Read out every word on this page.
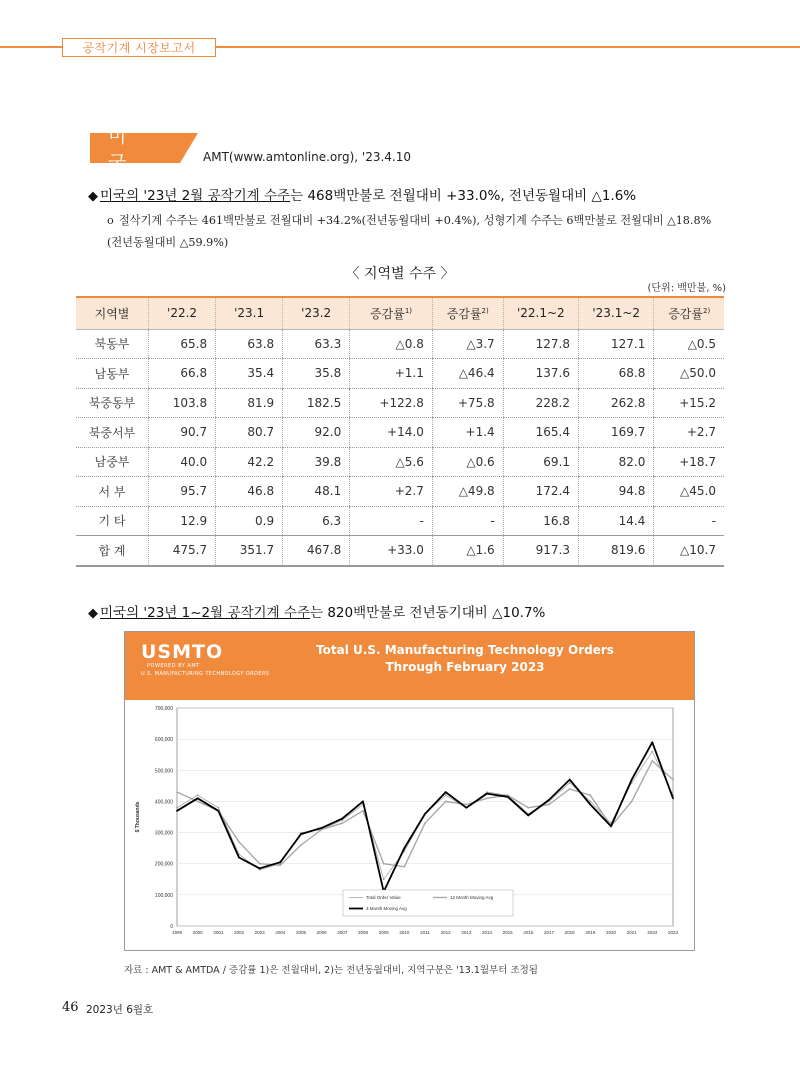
공작기계 시장보고서
미 국	AMT(www.amtonline.org), '23.4.10
◆ 미국의 '23년 2월 공작기계 수주는 468백만불로 전월대비 +33.0%, 전년동월대비 △1.6%
o 절삭기계 수주는 461백만불로 전월대비 +34.2%(전년동월대비 +0.4%), 성형기계 수주는 6백만불로 전월대비 △18.8%(전년동월대비 △59.9%)
〈 지역별 수주 〉
(단위: 백만불, %)
지역별	'22.2	'23.1	'23.2	증감률$^{1)}$	증감률$^{2)}$	'22.1~2	'23.1~2	증감률$^{2)}$
북동부	65.8	63.8	63.3	△0.8	△3.7	127.8	127.1	△0.5
남동부	66.8	35.4	35.8	+1.1	△46.4	137.6	68.8	△50.0
북중동부	103.8	81.9	182.5	+122.8	+75.8	228.2	262.8	+15.2
북중서부	90.7	80.7	92.0	+14.0	+1.4	165.4	169.7	+2.7
남중부	40.0	42.2	39.8	△5.6	△0.6	69.1	82.0	+18.7
서 부	95.7	46.8	48.1	+2.7	△49.8	172.4	94.8	△45.0
기 타	12.9	0.9	6.3	-	-	16.8	14.4	-
합 계	475.7	351.7	467.8	+33.0	△1.6	917.3	819.6	△10.7
◆ 미국의 '23년 1~2월 공작기계 수주는 820백만불로 전년동기대비 △10.7%
USMTO
POWERED BY AMT
U.S. MANUFACTURING TECHNOLOGY ORDERS
Total U.S. Manufacturing Technology Orders
Through February 2023
0
100,000
200,000
300,000
400,000
500,000
600,000
700,000
1999 2000 2001 2002 2003 2004 2005 2006 2007 2008 2009 2010 2011 2012 2013 2014 2015 2016 2017 2018 2019 2020 2021 2022 2023
$ Thousands
Total Order Value	12 Month Moving Avg
3 Month Moving Avg
자료 : AMT & AMTDA / 증감률 1)은 전월대비, 2)는 전년동월대비, 지역구분은 '13.1월부터 조정됨
46 2023년 6월호
